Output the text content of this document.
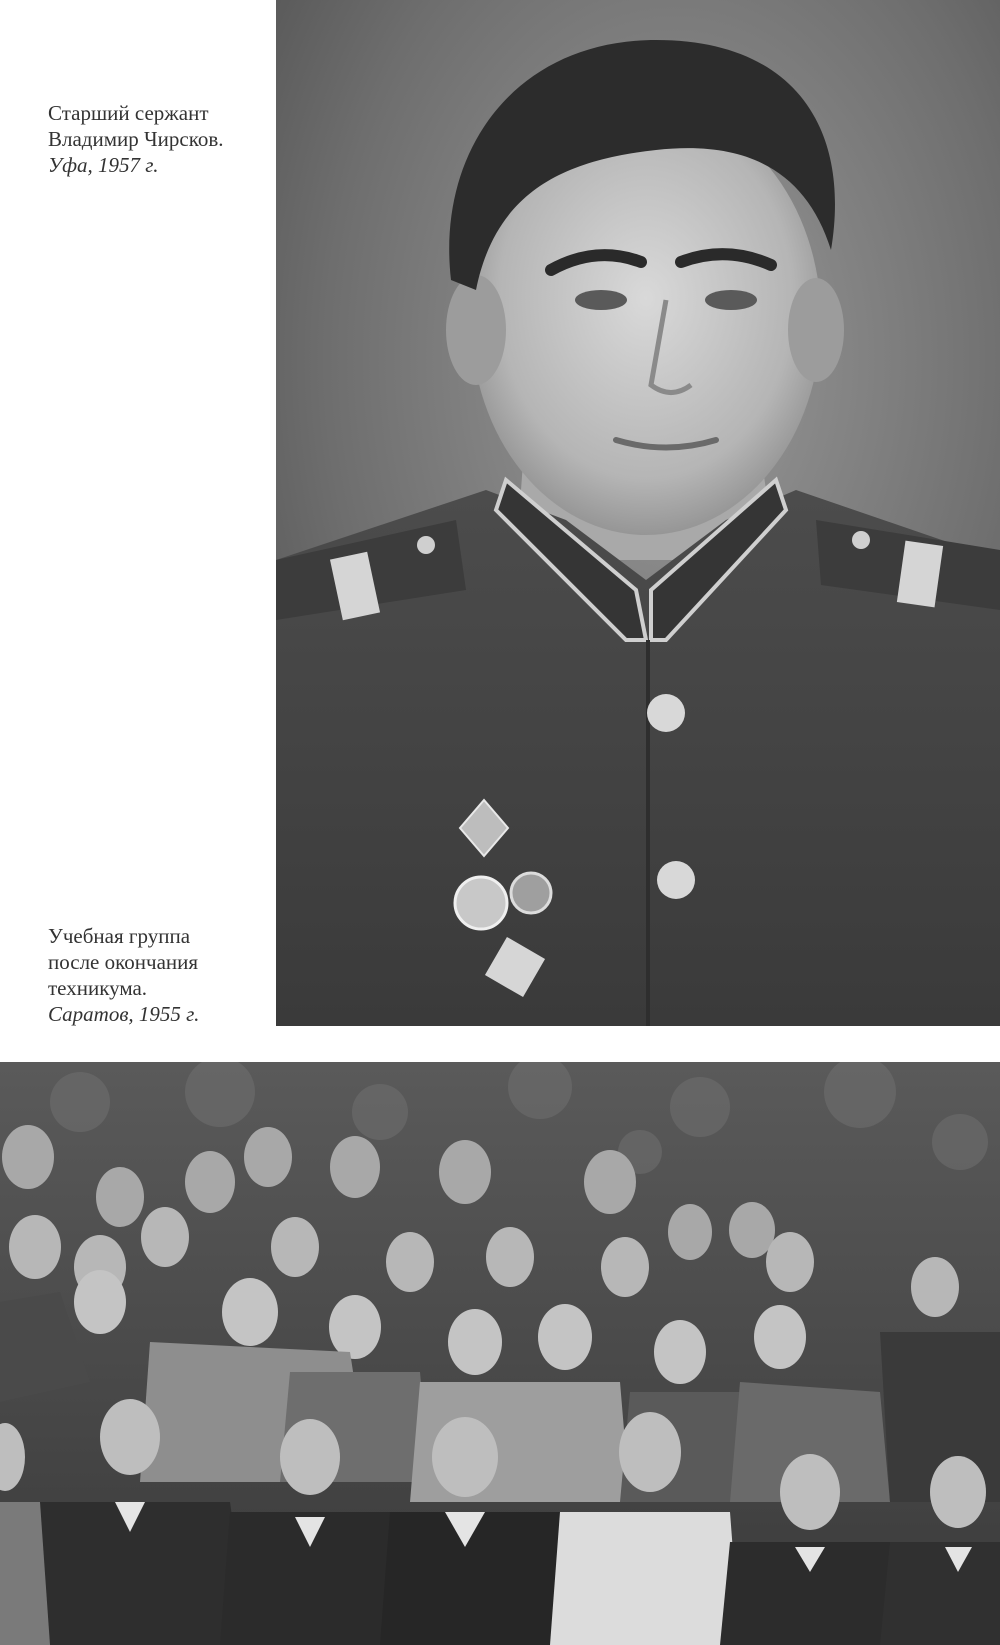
Старший сержант
Владимир Чирсков.
Уфа, 1957 г.
Учебная группа
после окончания
техникума.
Саратов, 1955 г.
